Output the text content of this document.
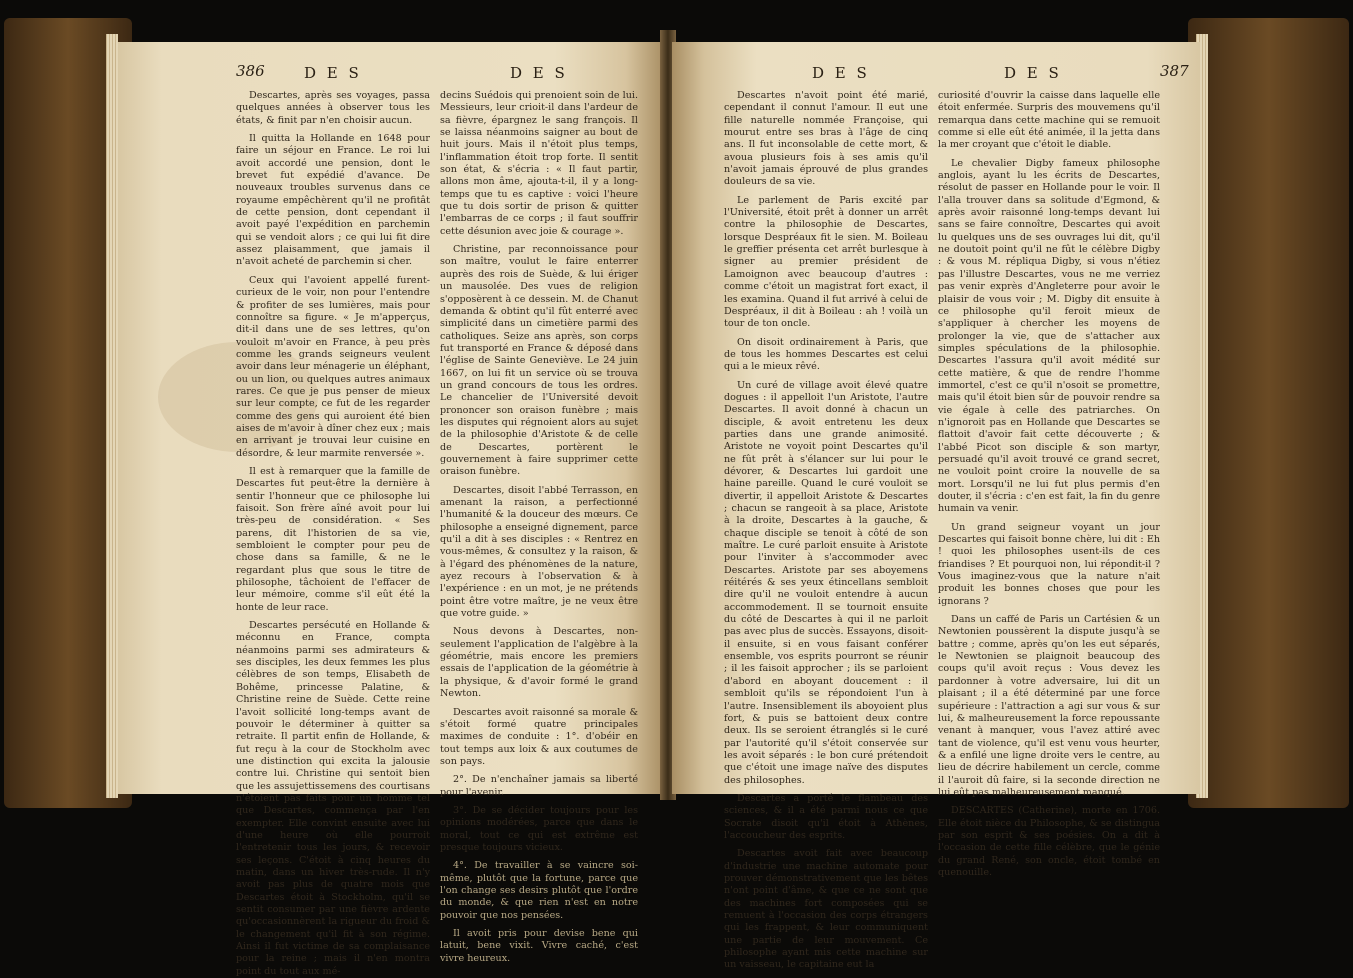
386	D E S	D E S

Descartes, après ses voyages, passa quelques années à observer tous les états, & finit par n'en choisir aucun.

Il quitta la Hollande en 1648 pour faire un séjour en France. Le roi lui avoit accordé une pension, dont le brevet fut expédié d'avance. De nouveaux troubles survenus dans ce royaume empêchèrent qu'il ne profitât de cette pension, dont cependant il avoit payé l'expédition en parchemin qui se vendoit alors ; ce qui lui fit dire assez plaisamment, que jamais il n'avoit acheté de parchemin si cher.

Ceux qui l'avoient appellé furent-curieux de le voir, non pour l'entendre & profiter de ses lumières, mais pour connoître sa figure. « Je m'apperçus, dit-il dans une de ses lettres, qu'on vouloit m'avoir en France, à peu près comme les grands seigneurs veulent avoir dans leur ménagerie un éléphant, ou un lion, ou quelques autres animaux rares. Ce que je pus penser de mieux sur leur compte, ce fut de les regarder comme des gens qui auroient été bien aises de m'avoir à dîner chez eux ; mais en arrivant je trouvai leur cuisine en désordre, & leur marmite renversée ».

Il est à remarquer que la famille de Descartes fut peut-être la dernière à sentir l'honneur que ce philosophe lui faisoit. Son frère aîné avoit pour lui très-peu de considération. « Ses parens, dit l'historien de sa vie, sembloient le compter pour peu de chose dans sa famille, & ne le regardant plus que sous le titre de philosophe, tâchoient de l'effacer de leur mémoire, comme s'il eût été la honte de leur race.

Descartes persécuté en Hollande & méconnu en France, compta néanmoins parmi ses admirateurs & ses disciples, les deux femmes les plus célèbres de son temps, Elisabeth de Bohême, princesse Palatine, & Christine reine de Suède. Cette reine l'avoit sollicité long-temps avant de pouvoir le déterminer à quitter sa retraite. Il partit enfin de Hollande, & fut reçu à la cour de Stockholm avec une distinction qui excita la jalousie contre lui. Christine qui sentoit bien que les assujettissemens des courtisans n'étoient pas faits pour un homme tel que Descartes, commença par l'en exempter. Elle convint ensuite avec lui d'une heure où elle pourroit l'entretenir tous les jours, & recevoir ses leçons. C'étoit à cinq heures du matin, dans un hiver très-rude. Il n'y avoit pas plus de quatre mois que Descartes étoit à Stockholm, qu'il se sentit consumer par une fièvre ardente qu'occasionnèrent la rigueur du froid & le changement qu'il fit à son régime. Ainsi il fut victime de sa complaisance pour la reine ; mais il n'en montra point du tout aux mé-

decins Suédois qui prenoient soin de lui. Messieurs, leur crioit-il dans l'ardeur de sa fièvre, épargnez le sang françois. Il se laissa néanmoins saigner au bout de huit jours. Mais il n'étoit plus temps, l'inflammation étoit trop forte. Il sentit son état, & s'écria : « Il faut partir, allons mon âme, ajouta-t-il, il y a long-temps que tu es captive : voici l'heure que tu dois sortir de prison & quitter l'embarras de ce corps ; il faut souffrir cette désunion avec joie & courage ».

Christine, par reconnoissance pour son maître, voulut le faire enterrer auprès des rois de Suède, & lui ériger un mausolée. Des vues de religion s'opposèrent à ce dessein. M. de Chanut demanda & obtint qu'il fût enterré avec simplicité dans un cimetière parmi des catholiques. Seize ans après, son corps fut transporté en France & déposé dans l'église de Sainte Geneviève. Le 24 juin 1667, on lui fit un service où se trouva un grand concours de tous les ordres. Le chancelier de l'Université devoit prononcer son oraison funèbre ; mais les disputes qui régnoient alors au sujet de la philosophie d'Aristote & de celle de Descartes, portèrent le gouvernement à faire supprimer cette oraison funèbre.

Descartes, disoit l'abbé Terrasson, en amenant la raison, a perfectionné l'humanité & la douceur des mœurs. Ce philosophe a enseigné dignement, parce qu'il a dit à ses disciples : « Rentrez en vous-mêmes, & consultez y la raison, & à l'égard des phénomènes de la nature, ayez recours à l'observation & à l'expérience : en un mot, je ne prétends point être votre maître, je ne veux être que votre guide. »

Nous devons à Descartes, non-seulement l'application de l'algèbre à la géométrie, mais encore les premiers essais de l'application de la géométrie à la physique, & d'avoir formé le grand Newton.

Descartes avoit raisonné sa morale & s'étoit formé quatre principales maximes de conduite : 1°. d'obéir en tout temps aux loix & aux coutumes de son pays.

2°. De n'enchaîner jamais sa liberté pour l'avenir.

3°. De se décider toujours pour les opinions modérées, parce que dans le moral, tout ce qui est extrême est presque toujours vicieux.

4°. De travailler à se vaincre soi-même, plutôt que la fortune, parce que l'on change ses desirs plutôt que l'ordre du monde, & que rien n'est en notre pouvoir que nos pensées.

Il avoit pris pour devise bene qui latuit, bene vixit. Vivre caché, c'est vivre heureux.

D E S	D E S	387

Descartes n'avoit point été marié, cependant il connut l'amour. Il eut une fille naturelle nommée Françoise, qui mourut entre ses bras à l'âge de cinq ans. Il fut inconsolable de cette mort, & avoua plusieurs fois à ses amis qu'il n'avoit jamais éprouvé de plus grandes douleurs de sa vie.

Le parlement de Paris excité par l'Université, étoit prêt à donner un arrêt contre la philosophie de Descartes, lorsque Despréaux fit le sien. M. Boileau le greffier présenta cet arrêt burlesque à signer au premier président de Lamoignon avec beaucoup d'autres : comme c'étoit un magistrat fort exact, il les examina. Quand il fut arrivé à celui de Despréaux, il dit à Boileau : ah ! voilà un tour de ton oncle.

On disoit ordinairement à Paris, que de tous les hommes Descartes est celui qui a le mieux rêvé.

Un curé de village avoit élevé quatre dogues : il appelloit l'un Aristote, l'autre Descartes. Il avoit donné à chacun un disciple, & avoit entretenu les deux parties dans une grande animosité. Aristote ne voyoit point Descartes qu'il ne fût prêt à s'élancer sur lui pour le dévorer, & Descartes lui gardoit une haine pareille. Quand le curé vouloit se divertir, il appelloit Aristote & Descartes ; chacun se rangeoit à sa place, Aristote à la droite, Descartes à la gauche, & chaque disciple se tenoit à côté de son maître. Le curé parloit ensuite à Aristote pour l'inviter à s'accommoder avec Descartes. Aristote par ses aboyemens réitérés & ses yeux étincellans sembloit dire qu'il ne vouloit entendre à aucun accommodement. Il se tournoit ensuite du côté de Descartes à qui il ne parloit pas avec plus de succès. Essayons, disoit-il ensuite, si en vous faisant conférer ensemble, vos esprits pourront se réunir ; il les faisoit approcher ; ils se parloient d'abord en aboyant doucement : il sembloit qu'ils se répondoient l'un à l'autre. Insensiblement ils aboyoient plus fort, & puis se battoient deux contre deux. Ils se seroient étranglés si le curé par l'autorité qu'il s'étoit conservée sur les avoit séparés : le bon curé prétendoit que c'étoit une image naïve des disputes des philosophes.

Descartes a porté le flambeau des sciences, & il a été parmi nous ce que Socrate disoit qu'il étoit à Athènes, l'accoucheur des esprits.

Descartes avoit fait avec beaucoup d'industrie une machine automate pour prouver démonstrativement que les bêtes n'ont point d'âme, & que ce ne sont que des machines fort composées qui se remuent à l'occasion des corps étrangers qui les frappent, & leur communiquent une partie de leur mouvement. Ce philosophe ayant mis cette machine sur un vaisseau, le capitaine eut la

curiosité d'ouvrir la caisse dans laquelle elle étoit enfermée. Surpris des mouvemens qu'il remarqua dans cette machine qui se remuoit comme si elle eût été animée, il la jetta dans la mer croyant que c'étoit le diable.

Le chevalier Digby fameux philosophe anglois, ayant lu les écrits de Descartes, résolut de passer en Hollande pour le voir. Il l'alla trouver dans sa solitude d'Egmond, & après avoir raisonné long-temps devant lui sans se faire connoître, Descartes qui avoit lu quelques uns de ses ouvrages lui dit, qu'il ne doutoit point qu'il ne fût le célèbre Digby : & vous M. répliqua Digby, si vous n'étiez pas l'illustre Descartes, vous ne me verriez pas venir exprès d'Angleterre pour avoir le plaisir de vous voir ; M. Digby dit ensuite à ce philosophe qu'il feroit mieux de s'appliquer à chercher les moyens de prolonger la vie, que de s'attacher aux simples spéculations de la philosophie. Descartes l'assura qu'il avoit médité sur cette matière, & que de rendre l'homme immortel, c'est ce qu'il n'osoit se promettre, mais qu'il étoit bien sûr de pouvoir rendre sa vie égale à celle des patriarches. On n'ignoroit pas en Hollande que Descartes se flattoit d'avoir fait cette découverte ; & l'abbé Picot son disciple & son martyr, persuadé qu'il avoit trouvé ce grand secret, ne vouloit point croire la nouvelle de sa mort. Lorsqu'il ne lui fut plus permis d'en douter, il s'écria : c'en est fait, la fin du genre humain va venir.

Un grand seigneur voyant un jour Descartes qui faisoit bonne chère, lui dit : Eh ! quoi les philosophes usent-ils de ces friandises ? Et pourquoi non, lui répondit-il ? Vous imaginez-vous que la nature n'ait produit les bonnes choses que pour les ignorans ?

Dans un caffé de Paris un Cartésien & un Newtonien poussèrent la dispute jusqu'à se battre ; comme, après qu'on les eut séparés, le Newtonien se plaignoit beaucoup des coups qu'il avoit reçus : Vous devez les pardonner à votre adversaire, lui dit un plaisant ; il a été déterminé par une force supérieure : l'attraction a agi sur vous & sur lui, & malheureusement la force repoussante venant à manquer, vous l'avez attiré avec tant de violence, qu'il est venu vous heurter, & a enfilé une ligne droite vers le centre, au lieu de décrire habilement un cercle, comme il l'auroit dû faire, si la seconde direction ne lui eût pas malheureusement manqué.

DESCARTES (Catherine), morte en 1706. Elle étoit nièce du Philosophe, & se distingua par son esprit & ses poésies. On a dit à l'occasion de cette fille célèbre, que le génie du grand René, son oncle, étoit tombé en quenouille.
